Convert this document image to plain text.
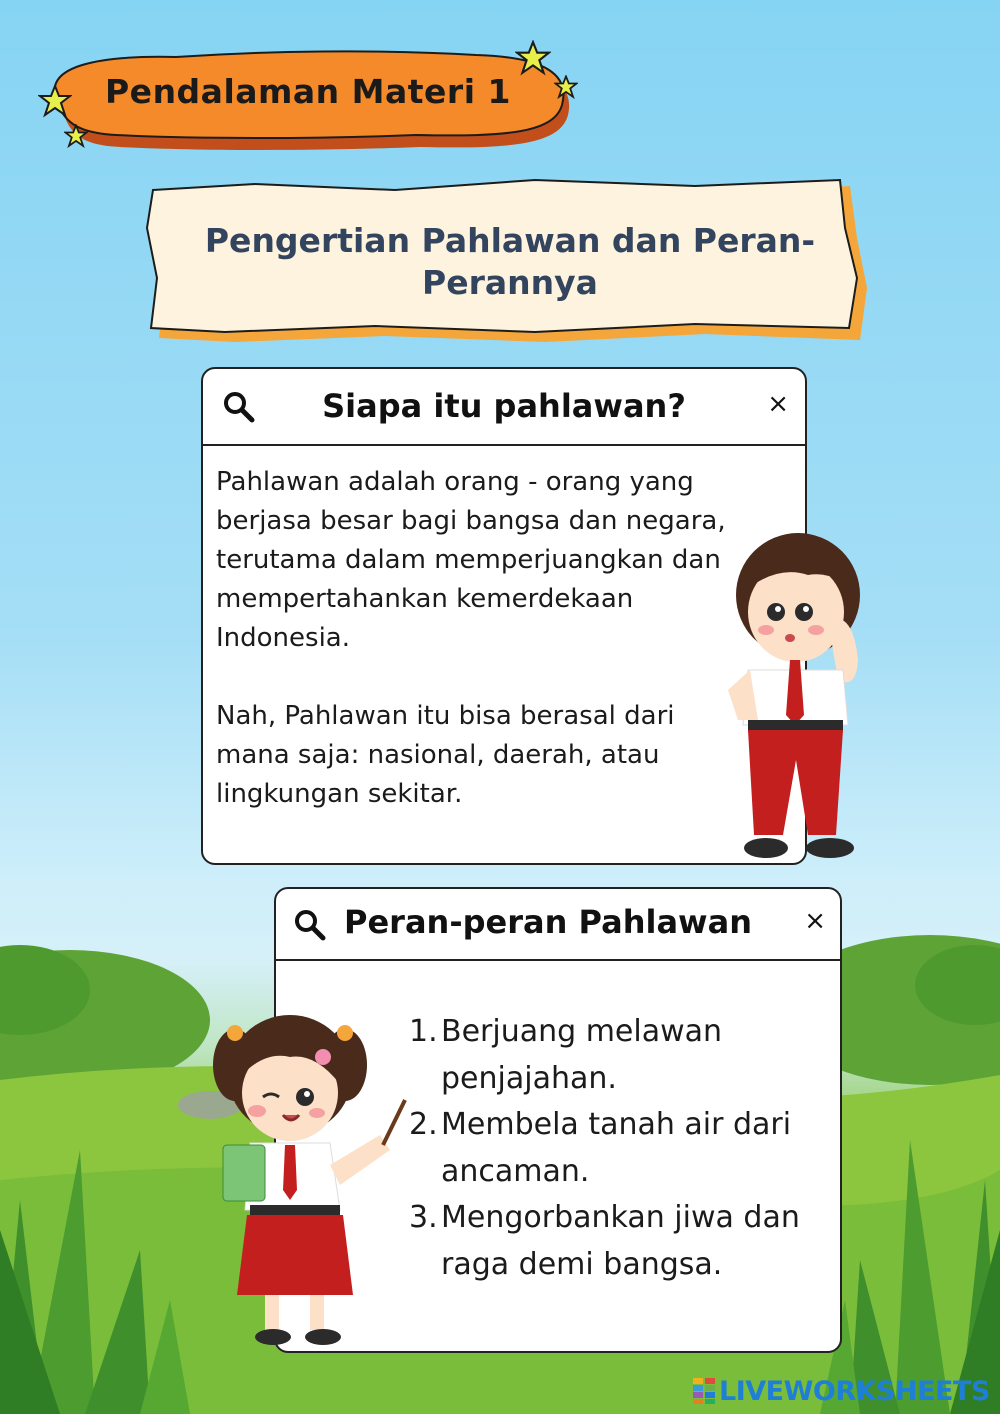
Pendalaman Materi 1
Pengertian Pahlawan dan Peran-Perannya
Siapa itu pahlawan?	×

Pahlawan adalah orang - orang yang berjasa besar bagi bangsa dan negara, terutama dalam memperjuangkan dan mempertahankan kemerdekaan Indonesia.

Nah, Pahlawan itu bisa berasal dari mana saja: nasional, daerah, atau lingkungan sekitar.

Peran-peran Pahlawan ×
1. Berjuang melawan penjajahan.
2. Membela tanah air dari ancaman.
3. Mengorbankan jiwa dan raga demi bangsa.
LIVEWORKSHEETS
